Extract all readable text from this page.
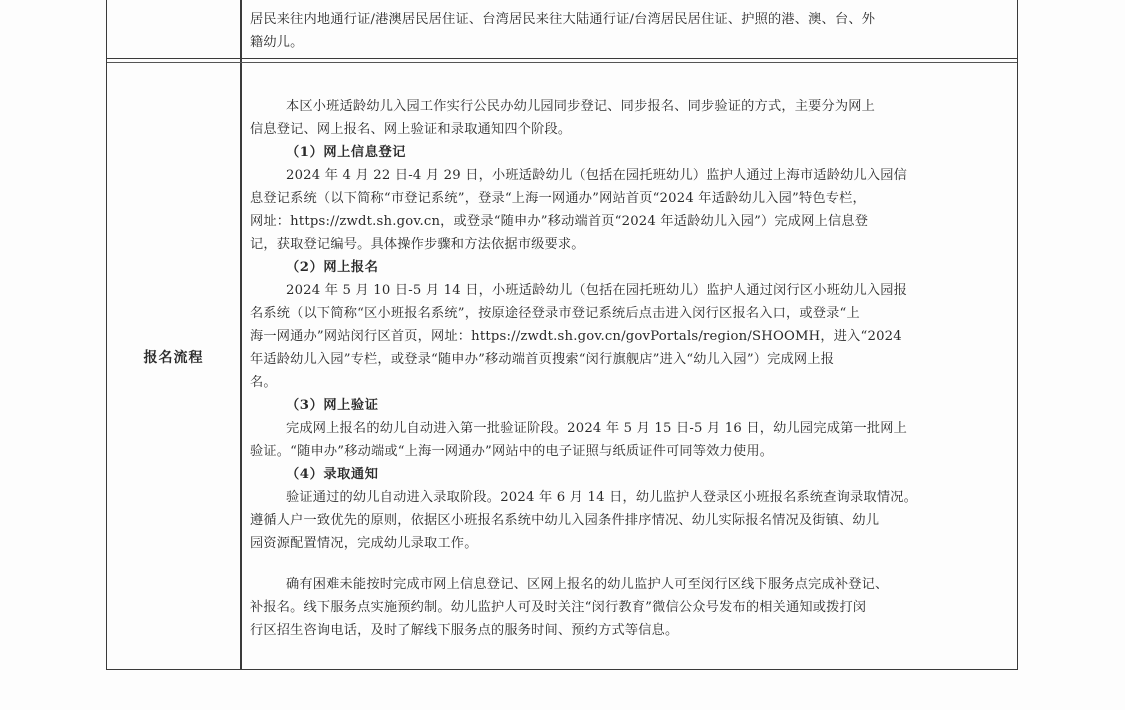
居民来往内地通行证/港澳居民居住证、台湾居民来往大陆通行证/台湾居民居住证、护照的港、澳、台、外

籍幼儿。

报名流程

本区小班适龄幼儿入园工作实行公民办幼儿园同步登记、同步报名、同步验证的方式，主要分为网上

信息登记、网上报名、网上验证和录取通知四个阶段。

（1）网上信息登记

2024 年 4 月 22 日-4 月 29 日，小班适龄幼儿（包括在园托班幼儿）监护人通过上海市适龄幼儿入园信

息登记系统（以下简称“市登记系统”，登录“上海一网通办”网站首页“2024 年适龄幼儿入园”特色专栏，

网址：https://zwdt.sh.gov.cn，或登录“随申办”移动端首页“2024 年适龄幼儿入园”）完成网上信息登

记，获取登记编号。具体操作步骤和方法依据市级要求。

（2）网上报名

2024 年 5 月 10 日-5 月 14 日，小班适龄幼儿（包括在园托班幼儿）监护人通过闵行区小班幼儿入园报

名系统（以下简称“区小班报名系统”，按原途径登录市登记系统后点击进入闵行区报名入口，或登录“上

海一网通办”网站闵行区首页，网址：https://zwdt.sh.gov.cn/govPortals/region/SHOOMH，进入“2024

年适龄幼儿入园”专栏，或登录“随申办”移动端首页搜索“闵行旗舰店”进入“幼儿入园”）完成网上报

名。

（3）网上验证

完成网上报名的幼儿自动进入第一批验证阶段。2024 年 5 月 15 日-5 月 16 日，幼儿园完成第一批网上

验证。“随申办”移动端或“上海一网通办”网站中的电子证照与纸质证件可同等效力使用。

（4）录取通知

验证通过的幼儿自动进入录取阶段。2024 年 6 月 14 日，幼儿监护人登录区小班报名系统查询录取情况。

遵循人户一致优先的原则，依据区小班报名系统中幼儿入园条件排序情况、幼儿实际报名情况及街镇、幼儿

园资源配置情况，完成幼儿录取工作。

确有困难未能按时完成市网上信息登记、区网上报名的幼儿监护人可至闵行区线下服务点完成补登记、

补报名。线下服务点实施预约制。幼儿监护人可及时关注“闵行教育”微信公众号发布的相关通知或拨打闵

行区招生咨询电话，及时了解线下服务点的服务时间、预约方式等信息。
